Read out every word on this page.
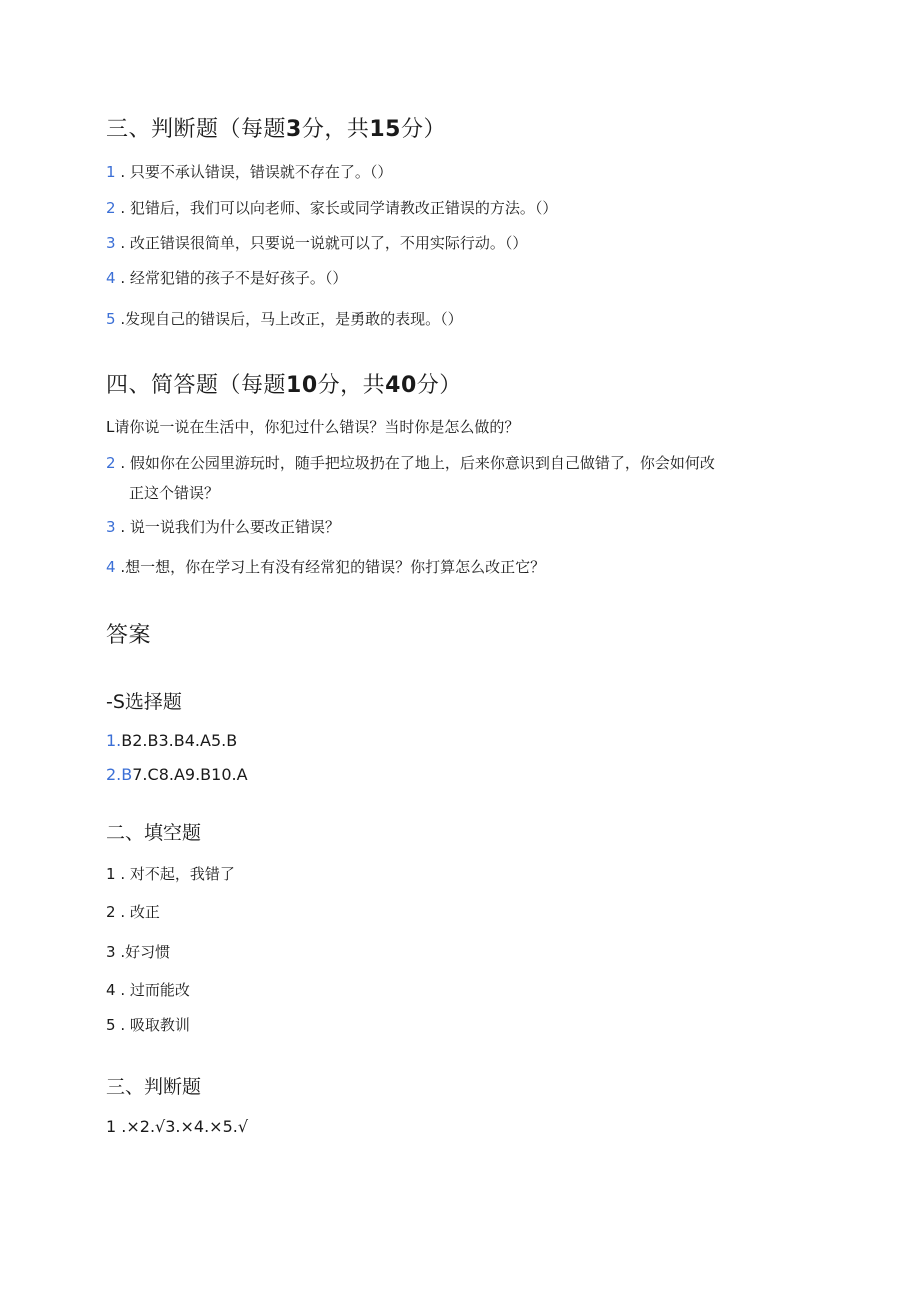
三、判断题（每题3分，共15分）
1 . 只要不承认错误，错误就不存在了。（）
2 . 犯错后，我们可以向老师、家长或同学请教改正错误的方法。（）
3 . 改正错误很简单，只要说一说就可以了，不用实际行动。（）
4 . 经常犯错的孩子不是好孩子。（）
5 .发现自己的错误后，马上改正，是勇敢的表现。（）
四、简答题（每题10分，共40分）
L请你说一说在生活中，你犯过什么错误？当时你是怎么做的？
2 . 假如你在公园里游玩时，随手把垃圾扔在了地上，后来你意识到自己做错了，你会如何改
正这个错误？
3 . 说一说我们为什么要改正错误？
4 .想一想，你在学习上有没有经常犯的错误？你打算怎么改正它？
答案
-S选择题
1.B2.B3.B4.A5.B
2.B7.C8.A9.B10.A
二、填空题
1 . 对不起，我错了
2 . 改正
3 .好习惯
4 . 过而能改
5 . 吸取教训
三、判断题
1 .×2.√3.×4.×5.√
